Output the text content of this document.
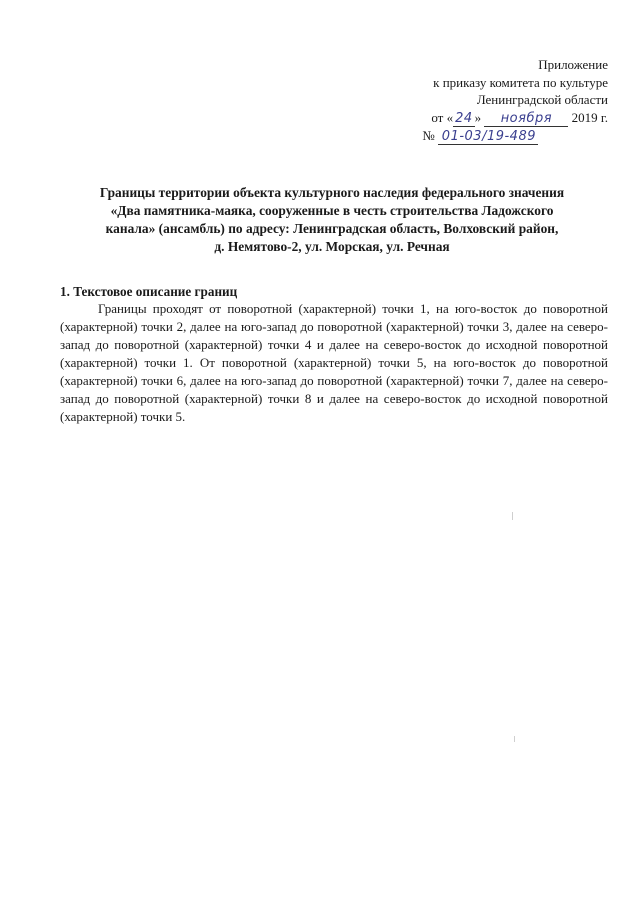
Приложение
к приказу комитета по культуре
Ленинградской области
от « 24 » ноября 2019 г.
№ 01-03/19-489
Границы территории объекта культурного наследия федерального значения
«Два памятника-маяка, сооруженные в честь строительства Ладожского
канала» (ансамбль) по адресу: Ленинградская область, Волховский район,
д. Немятово-2, ул. Морская, ул. Речная

1. Текстовое описание границ

Границы проходят от поворотной (характерной) точки 1, на юго-восток до поворотной (характерной) точки 2, далее на юго-запад до поворотной (характерной) точки 3, далее на северо-запад до поворотной (характерной) точки 4 и далее на северо-восток до исходной поворотной (характерной) точки 1. От поворотной (характерной) точки 5, на юго-восток до поворотной (характерной) точки 6, далее на юго-запад до поворотной (характерной) точки 7, далее на северо-запад до поворотной (характерной) точки 8 и далее на северо-восток до исходной поворотной (характерной) точки 5.
